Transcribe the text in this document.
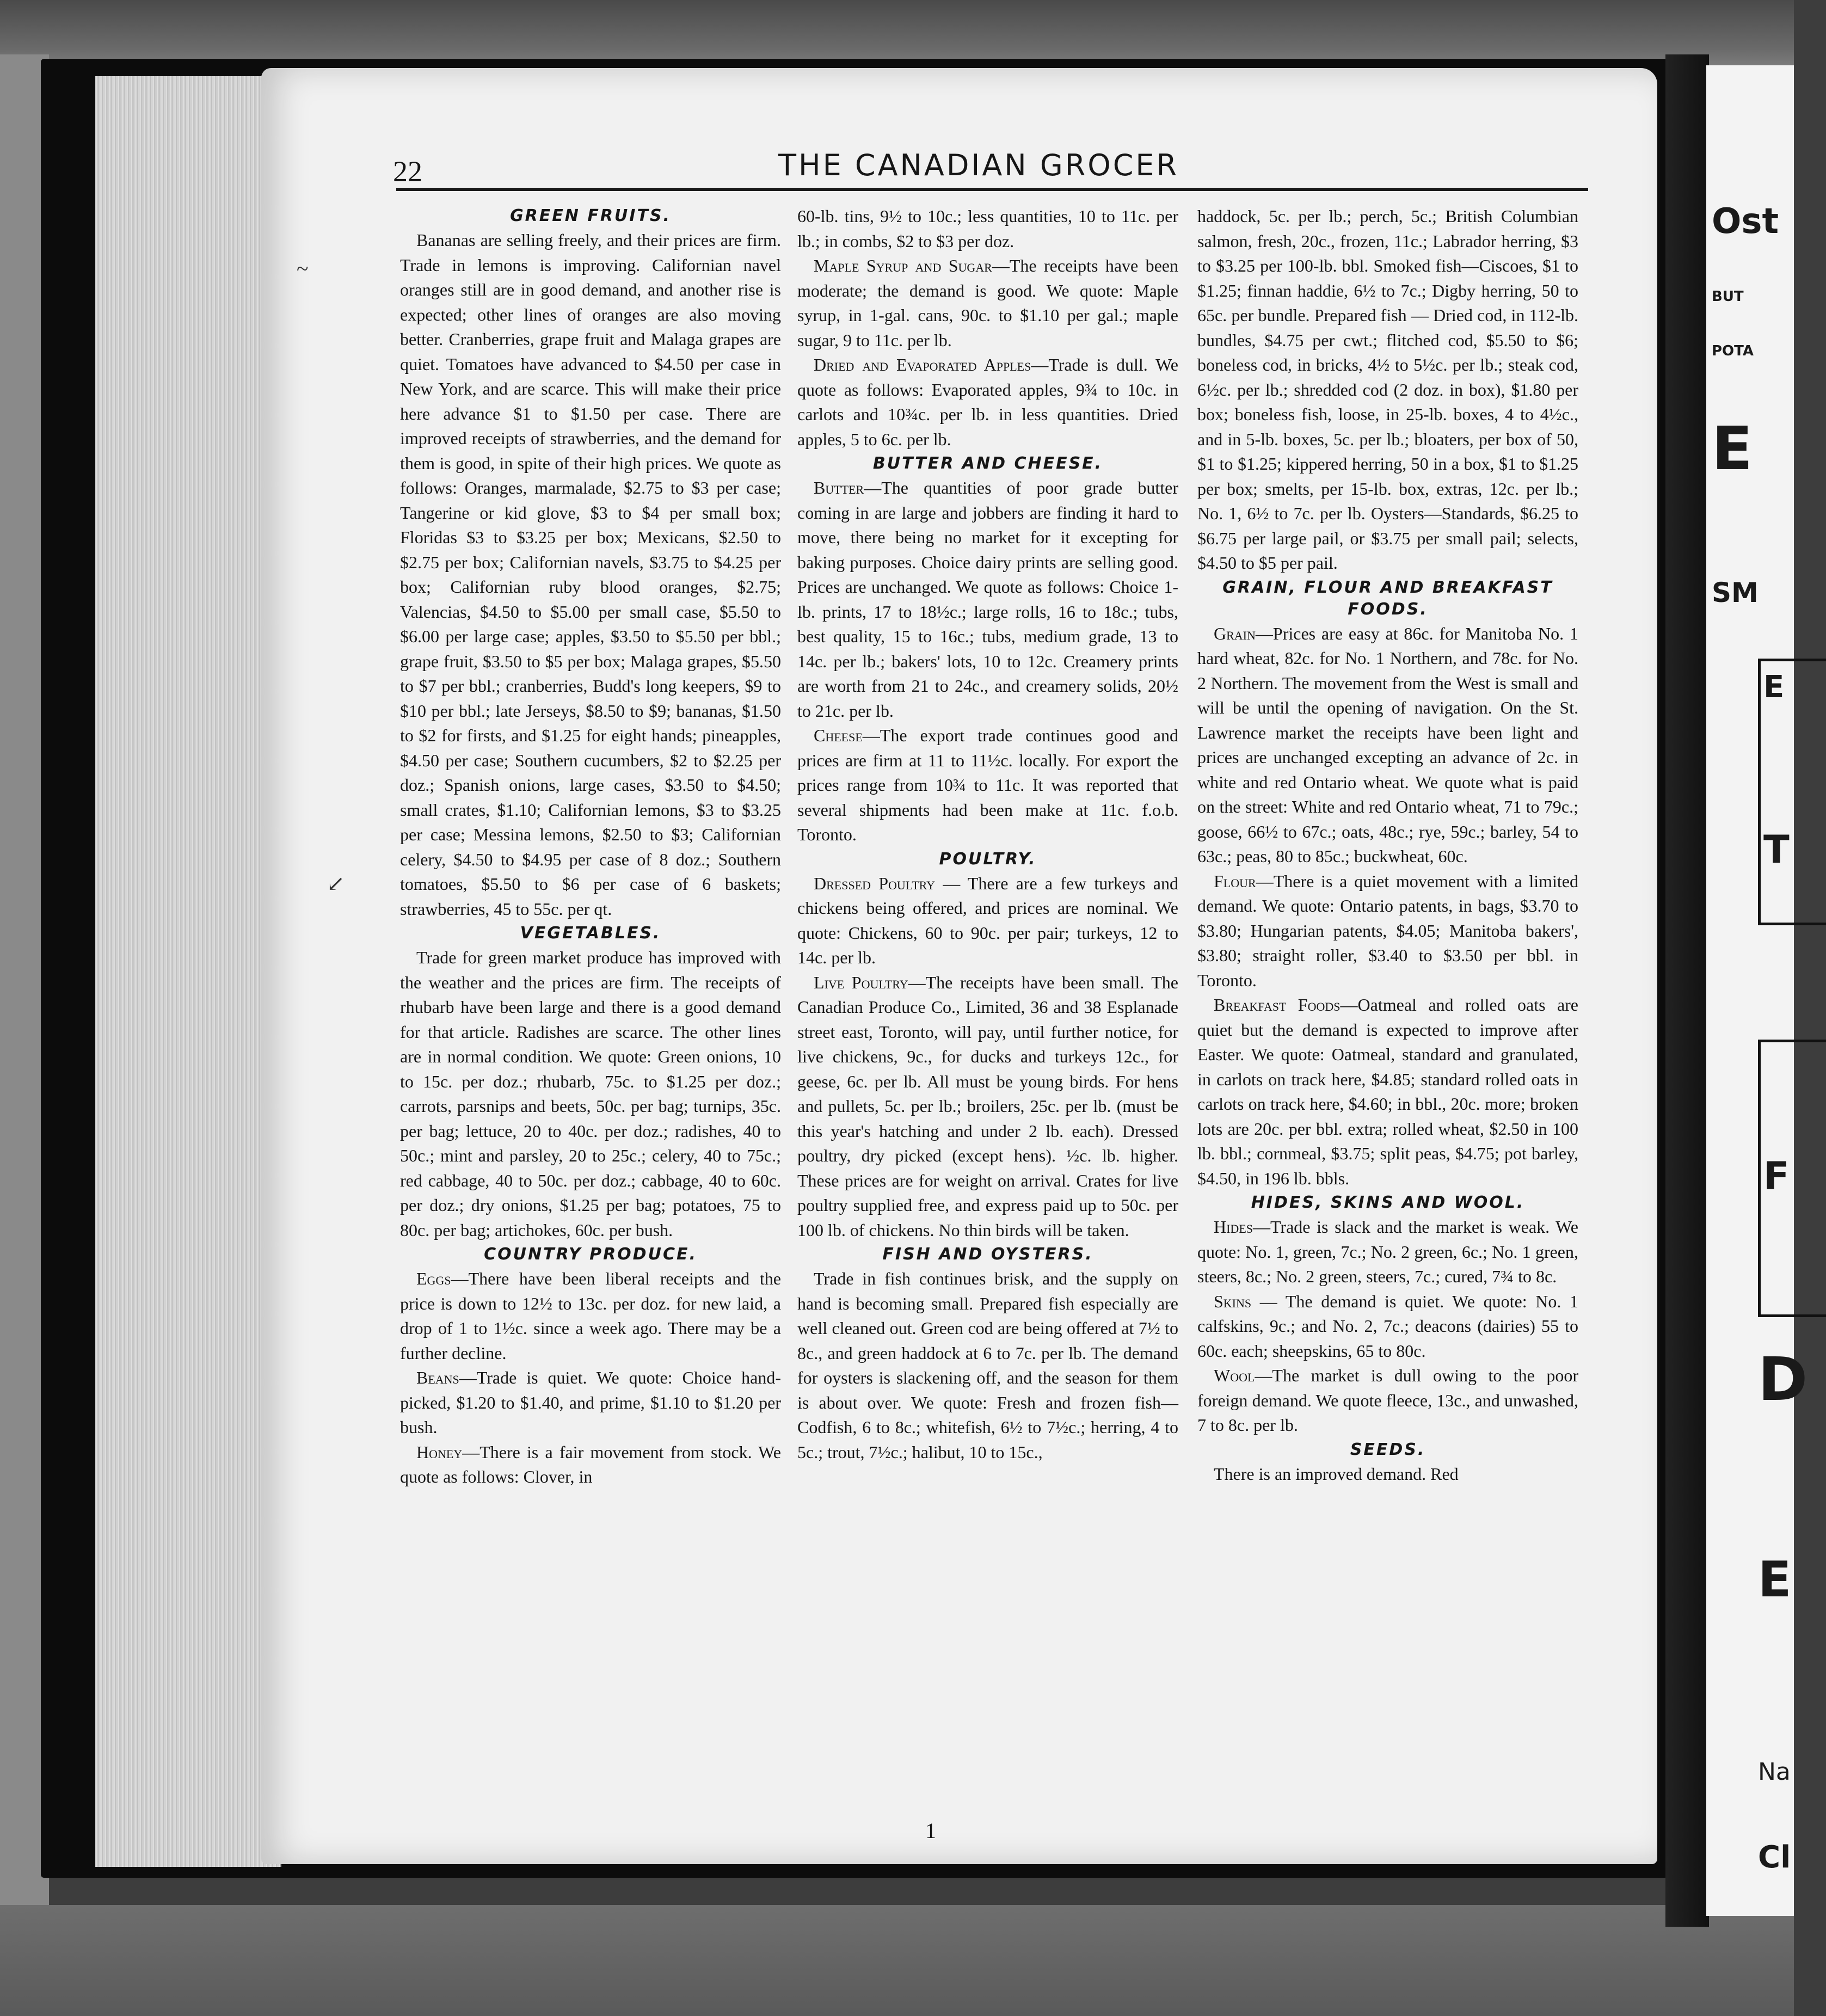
Ost
BUT
POTA
E
SM
E
T
F
D
E
Na
Cl
~
↙
22	THE CANADIAN GROCER
GREEN FRUITS.

Bananas are selling freely, and their prices are firm. Trade in lemons is improving. Californian navel oranges still are in good demand, and another rise is expected; other lines of oranges are also moving better. Cranberries, grape fruit and Malaga grapes are quiet. Tomatoes have advanced to $4.50 per case in New York, and are scarce. This will make their price here advance $1 to $1.50 per case. There are improved receipts of strawberries, and the demand for them is good, in spite of their high prices. We quote as follows: Oranges, marmalade, $2.75 to $3 per case; Tangerine or kid glove, $3 to $4 per small box; Floridas $3 to $3.25 per box; Mexicans, $2.50 to $2.75 per box; Californian navels, $3.75 to $4.25 per box; Californian ruby blood oranges, $2.75; Valencias, $4.50 to $5.00 per small case, $5.50 to $6.00 per large case; apples, $3.50 to $5.50 per bbl.; grape fruit, $3.50 to $5 per box; Malaga grapes, $5.50 to $7 per bbl.; cranberries, Budd's long keepers, $9 to $10 per bbl.; late Jerseys, $8.50 to $9; bananas, $1.50 to $2 for firsts, and $1.25 for eight hands; pineapples, $4.50 per case; Southern cucumbers, $2 to $2.25 per doz.; Spanish onions, large cases, $3.50 to $4.50; small crates, $1.10; Californian lemons, $3 to $3.25 per case; Messina lemons, $2.50 to $3; Californian celery, $4.50 to $4.95 per case of 8 doz.; Southern tomatoes, $5.50 to $6 per case of 6 baskets; strawberries, 45 to 55c. per qt.

VEGETABLES.

Trade for green market produce has improved with the weather and the prices are firm. The receipts of rhubarb have been large and there is a good demand for that article. Radishes are scarce. The other lines are in normal condition. We quote: Green onions, 10 to 15c. per doz.; rhubarb, 75c. to $1.25 per doz.; carrots, parsnips and beets, 50c. per bag; turnips, 35c. per bag; lettuce, 20 to 40c. per doz.; radishes, 40 to 50c.; mint and parsley, 20 to 25c.; celery, 40 to 75c.; red cabbage, 40 to 50c. per doz.; cabbage, 40 to 60c. per doz.; dry onions, $1.25 per bag; potatoes, 75 to 80c. per bag; artichokes, 60c. per bush.

COUNTRY PRODUCE.

Eggs—There have been liberal receipts and the price is down to 12½ to 13c. per doz. for new laid, a drop of 1 to 1½c. since a week ago. There may be a further decline.

Beans—Trade is quiet. We quote: Choice hand-picked, $1.20 to $1.40, and prime, $1.10 to $1.20 per bush.

Honey—There is a fair movement from stock. We quote as follows: Clover, in

60-lb. tins, 9½ to 10c.; less quantities, 10 to 11c. per lb.; in combs, $2 to $3 per doz.

Maple Syrup and Sugar—The receipts have been moderate; the demand is good. We quote: Maple syrup, in 1-gal. cans, 90c. to $1.10 per gal.; maple sugar, 9 to 11c. per lb.

Dried and Evaporated Apples—Trade is dull. We quote as follows: Evaporated apples, 9¾ to 10c. in carlots and 10¾c. per lb. in less quantities. Dried apples, 5 to 6c. per lb.

BUTTER AND CHEESE.

Butter—The quantities of poor grade butter coming in are large and jobbers are finding it hard to move, there being no market for it excepting for baking purposes. Choice dairy prints are selling good. Prices are unchanged. We quote as follows: Choice 1-lb. prints, 17 to 18½c.; large rolls, 16 to 18c.; tubs, best quality, 15 to 16c.; tubs, medium grade, 13 to 14c. per lb.; bakers' lots, 10 to 12c. Creamery prints are worth from 21 to 24c., and creamery solids, 20½ to 21c. per lb.

Cheese—The export trade continues good and prices are firm at 11 to 11½c. locally. For export the prices range from 10¾ to 11c. It was reported that several shipments had been make at 11c. f.o.b. Toronto.

POULTRY.

Dressed Poultry — There are a few turkeys and chickens being offered, and prices are nominal. We quote: Chickens, 60 to 90c. per pair; turkeys, 12 to 14c. per lb.

Live Poultry—The receipts have been small. The Canadian Produce Co., Limited, 36 and 38 Esplanade street east, Toronto, will pay, until further notice, for live chickens, 9c., for ducks and turkeys 12c., for geese, 6c. per lb. All must be young birds. For hens and pullets, 5c. per lb.; broilers, 25c. per lb. (must be this year's hatching and under 2 lb. each). Dressed poultry, dry picked (except hens). ½c. lb. higher. These prices are for weight on arrival. Crates for live poultry supplied free, and express paid up to 50c. per 100 lb. of chickens. No thin birds will be taken.

FISH AND OYSTERS.

Trade in fish continues brisk, and the supply on hand is becoming small. Prepared fish especially are well cleaned out. Green cod are being offered at 7½ to 8c., and green haddock at 6 to 7c. per lb. The demand for oysters is slackening off, and the season for them is about over. We quote: Fresh and frozen fish—Codfish, 6 to 8c.; whitefish, 6½ to 7½c.; herring, 4 to 5c.; trout, 7½c.; halibut, 10 to 15c.,

haddock, 5c. per lb.; perch, 5c.; British Columbian salmon, fresh, 20c., frozen, 11c.; Labrador herring, $3 to $3.25 per 100-lb. bbl. Smoked fish—Ciscoes, $1 to $1.25; finnan haddie, 6½ to 7c.; Digby herring, 50 to 65c. per bundle. Prepared fish — Dried cod, in 112-lb. bundles, $4.75 per cwt.; flitched cod, $5.50 to $6; boneless cod, in bricks, 4½ to 5½c. per lb.; steak cod, 6½c. per lb.; shredded cod (2 doz. in box), $1.80 per box; boneless fish, loose, in 25-lb. boxes, 4 to 4½c., and in 5-lb. boxes, 5c. per lb.; bloaters, per box of 50, $1 to $1.25; kippered herring, 50 in a box, $1 to $1.25 per box; smelts, per 15-lb. box, extras, 12c. per lb.; No. 1, 6½ to 7c. per lb. Oysters—Standards, $6.25 to $6.75 per large pail, or $3.75 per small pail; selects, $4.50 to $5 per pail.

GRAIN, FLOUR AND BREAKFAST FOODS.

Grain—Prices are easy at 86c. for Manitoba No. 1 hard wheat, 82c. for No. 1 Northern, and 78c. for No. 2 Northern. The movement from the West is small and will be until the opening of navigation. On the St. Lawrence market the receipts have been light and prices are unchanged excepting an advance of 2c. in white and red Ontario wheat. We quote what is paid on the street: White and red Ontario wheat, 71 to 79c.; goose, 66½ to 67c.; oats, 48c.; rye, 59c.; barley, 54 to 63c.; peas, 80 to 85c.; buckwheat, 60c.

Flour—There is a quiet movement with a limited demand. We quote: Ontario patents, in bags, $3.70 to $3.80; Hungarian patents, $4.05; Manitoba bakers', $3.80; straight roller, $3.40 to $3.50 per bbl. in Toronto.

Breakfast Foods—Oatmeal and rolled oats are quiet but the demand is expected to improve after Easter. We quote: Oatmeal, standard and granulated, in carlots on track here, $4.85; standard rolled oats in carlots on track here, $4.60; in bbl., 20c. more; broken lots are 20c. per bbl. extra; rolled wheat, $2.50 in 100 lb. bbl.; cornmeal, $3.75; split peas, $4.75; pot barley, $4.50, in 196 lb. bbls.

HIDES, SKINS AND WOOL.

Hides—Trade is slack and the market is weak. We quote: No. 1, green, 7c.; No. 2 green, 6c.; No. 1 green, steers, 8c.; No. 2 green, steers, 7c.; cured, 7¾ to 8c.

Skins — The demand is quiet. We quote: No. 1 calfskins, 9c.; and No. 2, 7c.; deacons (dairies) 55 to 60c. each; sheepskins, 65 to 80c.

Wool—The market is dull owing to the poor foreign demand. We quote fleece, 13c., and unwashed, 7 to 8c. per lb.

SEEDS.

There is an improved demand. Red

1
